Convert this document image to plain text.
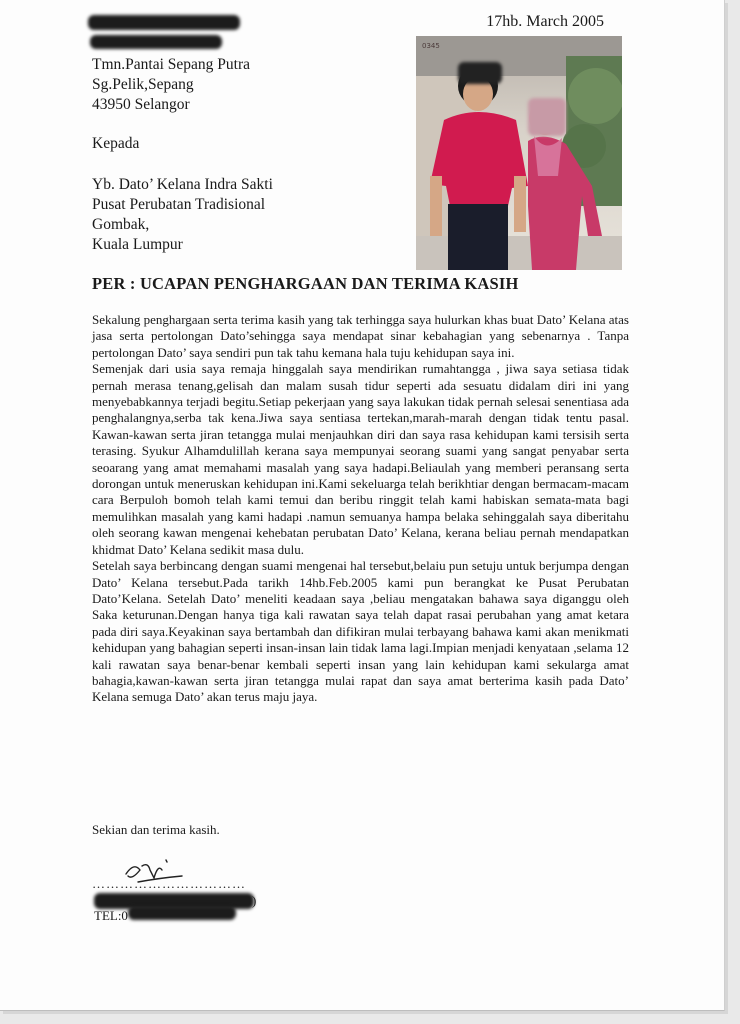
17hb. March 2005
Tmn.Pantai Sepang Putra
Sg.Pelik,Sepang
43950 Selangor
Kepada
Yb. Dato’ Kelana Indra Sakti
Pusat Perubatan Tradisional
Gombak,
Kuala Lumpur
0345
PER : UCAPAN PENGHARGAAN DAN TERIMA KASIH

Sekalung penghargaan serta terima kasih yang tak terhingga saya hulurkan khas buat Dato’ Kelana atas jasa serta pertolongan Dato’sehingga saya mendapat sinar kebahagian yang sebenarnya . Tanpa pertolongan Dato’ saya sendiri pun tak tahu kemana hala tuju kehidupan saya ini.

Semenjak dari usia saya remaja hinggalah saya mendirikan rumahtangga , jiwa saya setiasa tidak pernah merasa tenang,gelisah dan malam susah tidur seperti ada sesuatu didalam diri ini yang menyebabkannya terjadi begitu.Setiap pekerjaan yang saya lakukan tidak pernah selesai senentiasa ada penghalangnya,serba tak kena.Jiwa saya sentiasa tertekan,marah-marah dengan tidak tentu pasal. Kawan-kawan serta jiran tetangga mulai menjauhkan diri dan saya rasa kehidupan kami tersisih serta terasing. Syukur Alhamdulillah kerana saya mempunyai seorang suami yang sangat penyabar serta seoarang yang amat memahami masalah yang saya hadapi.Beliaulah yang memberi peransang serta dorongan untuk meneruskan kehidupan ini.Kami sekeluarga telah berikhtiar dengan bermacam-macam cara Berpuloh bomoh telah kami temui dan beribu ringgit telah kami habiskan semata-mata bagi memulihkan masalah yang kami hadapi .namun semuanya hampa belaka sehinggalah saya diberitahu oleh seorang kawan mengenai kehebatan perubatan Dato’ Kelana, kerana beliau pernah mendapatkan khidmat Dato’ Kelana sedikit masa dulu.

Setelah saya berbincang dengan suami mengenai hal tersebut,belaiu pun setuju untuk berjumpa dengan Dato’ Kelana tersebut.Pada tarikh 14hb.Feb.2005 kami pun berangkat ke Pusat Perubatan Dato’Kelana. Setelah Dato’ meneliti keadaan saya ,beliau mengatakan bahawa saya diganggu oleh Saka keturunan.Dengan hanya tiga kali rawatan saya telah dapat rasai perubahan yang amat ketara pada diri saya.Keyakinan saya bertambah dan difikiran mulai terbayang bahawa kami akan menikmati kehidupan yang bahagian seperti insan-insan lain tidak lama lagi.Impian menjadi kenyataan ,selama 12 kali rawatan saya benar-benar kembali seperti insan yang lain kehidupan kami sekulargа amat bahagia,kawan-kawan serta jiran tetangga mulai rapat dan saya amat berterima kasih pada Dato’ Kelana semuga Dato’ akan terus maju jaya.

Sekian dan terima kasih.
……………………………
)
TEL:0
